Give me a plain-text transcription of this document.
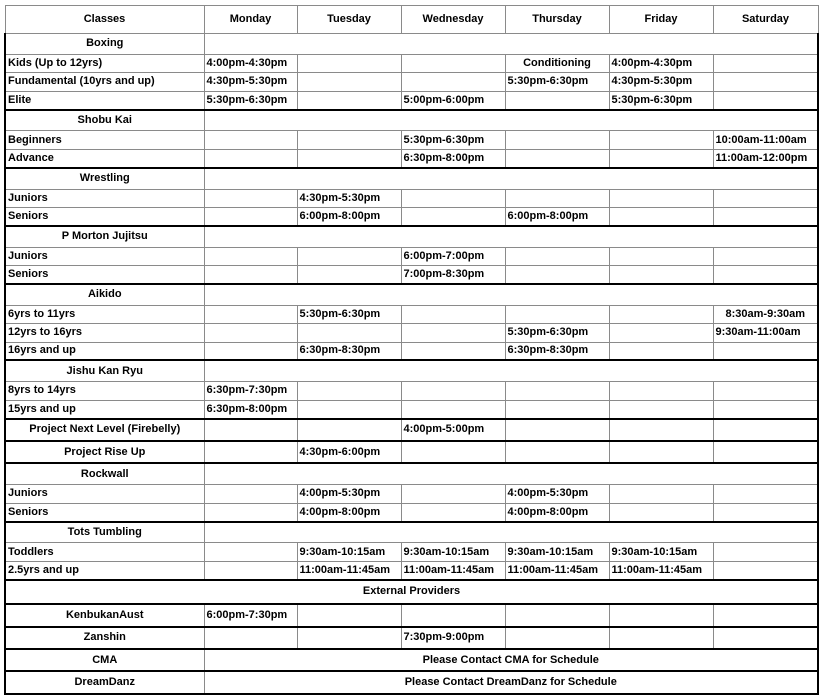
Classes	Monday	Tuesday	Wednesday	Thursday	Friday	Saturday
Boxing						
Kids (Up to 12yrs)	4:00pm-4:30pm			Conditioning	4:00pm-4:30pm	
Fundamental (10yrs and up)	4:30pm-5:30pm			5:30pm-6:30pm	4:30pm-5:30pm	
Elite	5:30pm-6:30pm		5:00pm-6:00pm		5:30pm-6:30pm	
Shobu Kai						
Beginners			5:30pm-6:30pm			10:00am-11:00am
Advance			6:30pm-8:00pm			11:00am-12:00pm
Wrestling						
Juniors		4:30pm-5:30pm				
Seniors		6:00pm-8:00pm		6:00pm-8:00pm		
P Morton Jujitsu						
Juniors			6:00pm-7:00pm			
Seniors			7:00pm-8:30pm			
Aikido						
6yrs to 11yrs		5:30pm-6:30pm				8:30am-9:30am
12yrs to 16yrs				5:30pm-6:30pm		9:30am-11:00am
16yrs and up		6:30pm-8:30pm		6:30pm-8:30pm		
Jishu Kan Ryu						
8yrs to 14yrs	6:30pm-7:30pm					
15yrs and up	6:30pm-8:00pm					
Project Next Level (Firebelly)			4:00pm-5:00pm			
Project Rise Up		4:30pm-6:00pm				
Rockwall						
Juniors		4:00pm-5:30pm		4:00pm-5:30pm		
Seniors		4:00pm-8:00pm		4:00pm-8:00pm		
Tots Tumbling						
Toddlers		9:30am-10:15am	9:30am-10:15am	9:30am-10:15am	9:30am-10:15am	
2.5yrs and up		11:00am-11:45am	11:00am-11:45am	11:00am-11:45am	11:00am-11:45am	
External Providers						
KenbukanAust	6:00pm-7:30pm					
Zanshin			7:30pm-9:00pm			
CMA	Please Contact CMA for Schedule					
DreamDanz	Please Contact DreamDanz for Schedule					
